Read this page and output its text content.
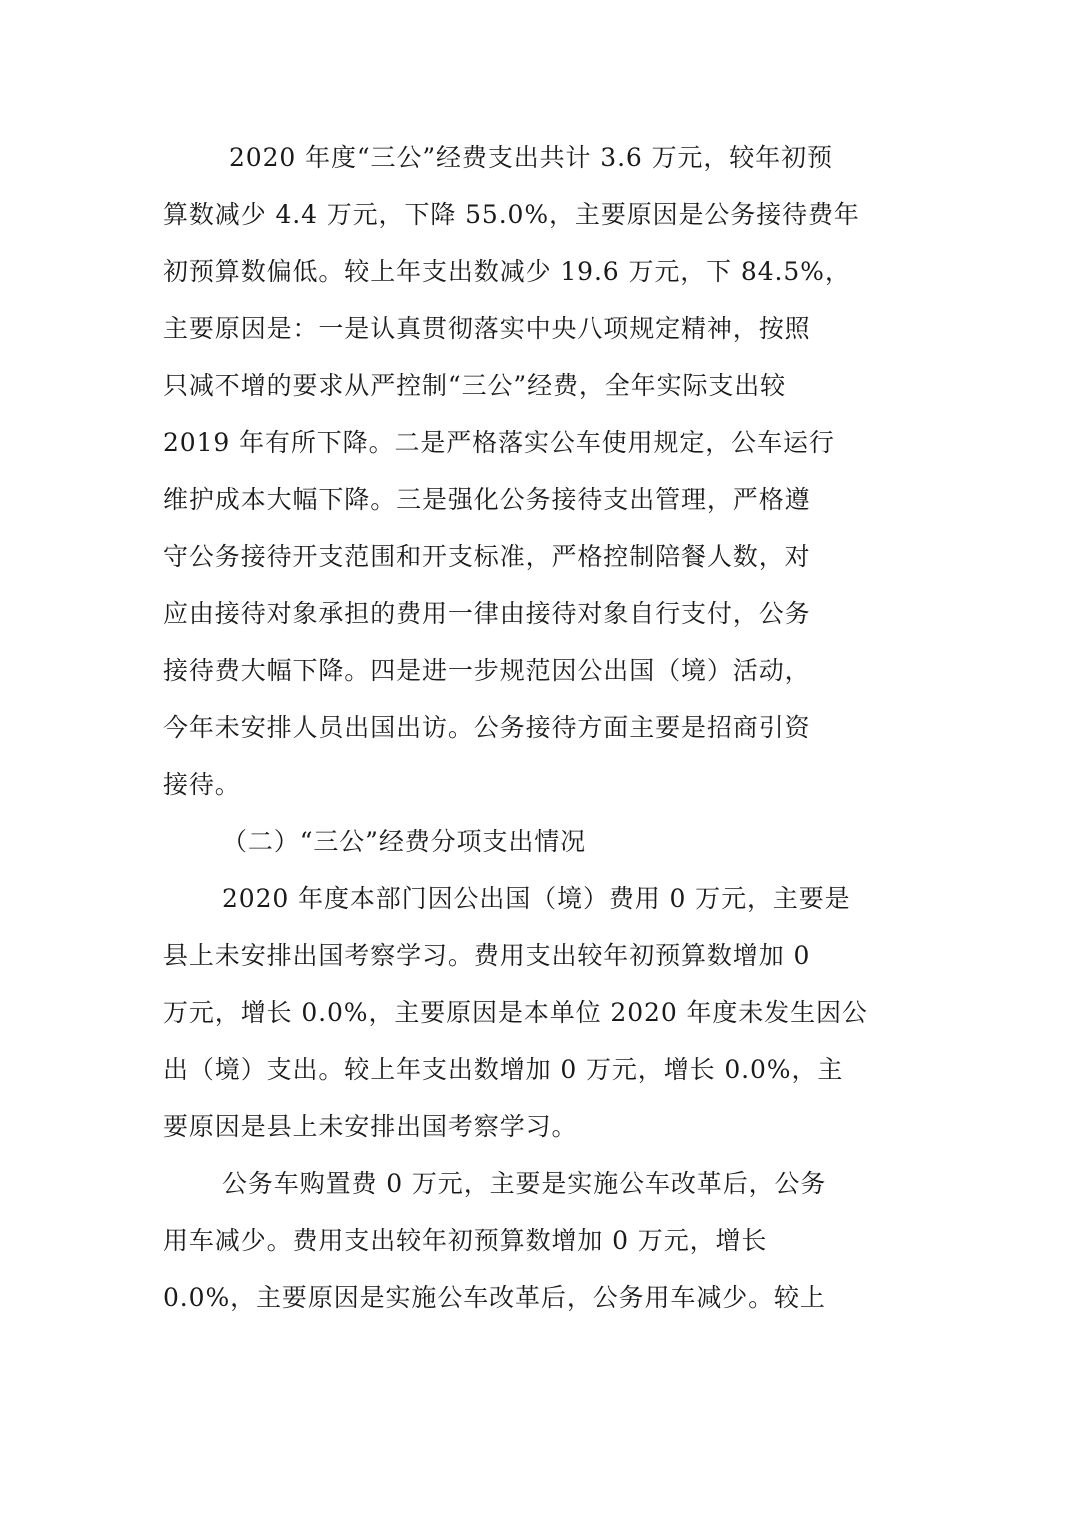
2020 年度“三公”经费支出共计 3.6 万元，较年初预
算数减少 4.4 万元，下降 55.0%，主要原因是公务接待费年
初预算数偏低。较上年支出数减少 19.6 万元，下 84.5%，
主要原因是：一是认真贯彻落实中央八项规定精神，按照
只减不增的要求从严控制“三公”经费，全年实际支出较
2019 年有所下降。二是严格落实公车使用规定，公车运行
维护成本大幅下降。三是强化公务接待支出管理，严格遵
守公务接待开支范围和开支标准，严格控制陪餐人数，对
应由接待对象承担的费用一律由接待对象自行支付，公务
接待费大幅下降。四是进一步规范因公出国（境）活动，
今年未安排人员出国出访。公务接待方面主要是招商引资
接待。
（二）“三公”经费分项支出情况
2020 年度本部门因公出国（境）费用 0 万元，主要是
县上未安排出国考察学习。费用支出较年初预算数增加 0
万元，增长 0.0%，主要原因是本单位 2020 年度未发生因公
出（境）支出。较上年支出数增加 0 万元，增长 0.0%，主
要原因是县上未安排出国考察学习。
公务车购置费 0 万元，主要是实施公车改革后，公务
用车减少。费用支出较年初预算数增加 0 万元，增长
0.0%，主要原因是实施公车改革后，公务用车减少。较上
